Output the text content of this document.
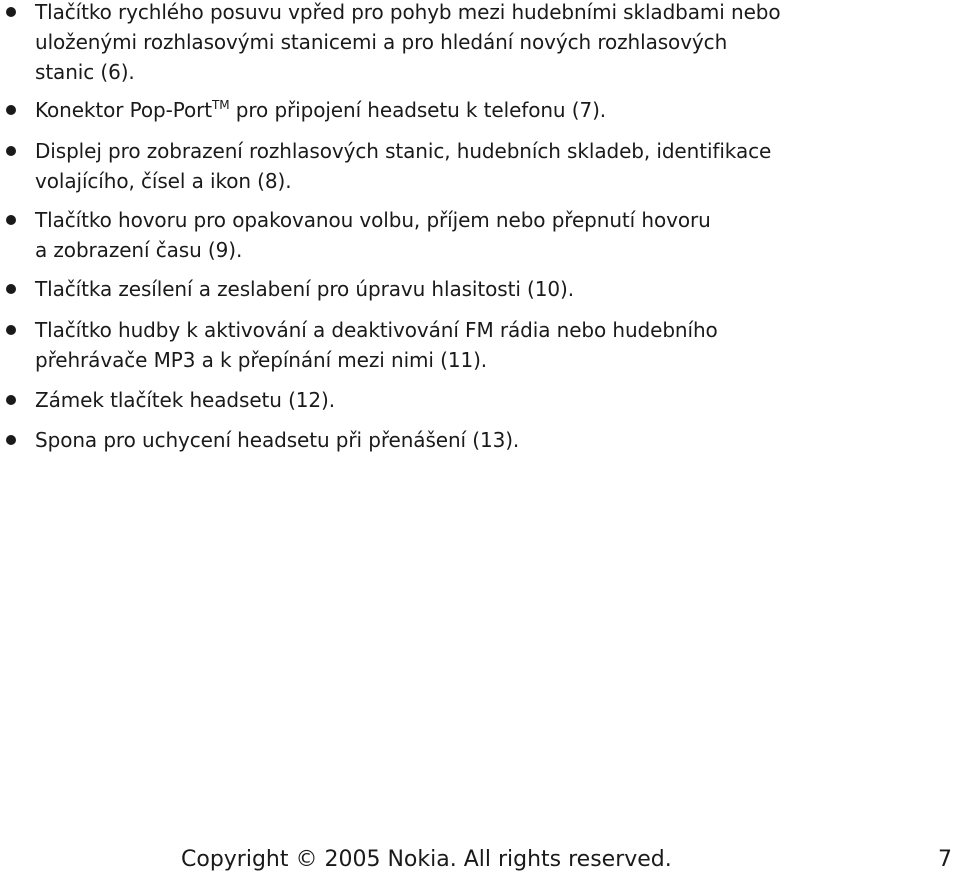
Tlačítko rychlého posuvu vpřed pro pohyb mezi hudebními skladbami nebo
uloženými rozhlasovými stanicemi a pro hledání nových rozhlasových
stanic (6).
Konektor Pop-Port™ pro připojení headsetu k telefonu (7).
Displej pro zobrazení rozhlasových stanic, hudebních skladeb, identifikace
volajícího, čísel a ikon (8).
Tlačítko hovoru pro opakovanou volbu, příjem nebo přepnutí hovoru
a zobrazení času (9).
Tlačítka zesílení a zeslabení pro úpravu hlasitosti (10).
Tlačítko hudby k aktivování a deaktivování FM rádia nebo hudebního
přehrávače MP3 a k přepínání mezi nimi (11).
Zámek tlačítek headsetu (12).
Spona pro uchycení headsetu při přenášení (13).
Copyright © 2005 Nokia. All rights reserved.	7
